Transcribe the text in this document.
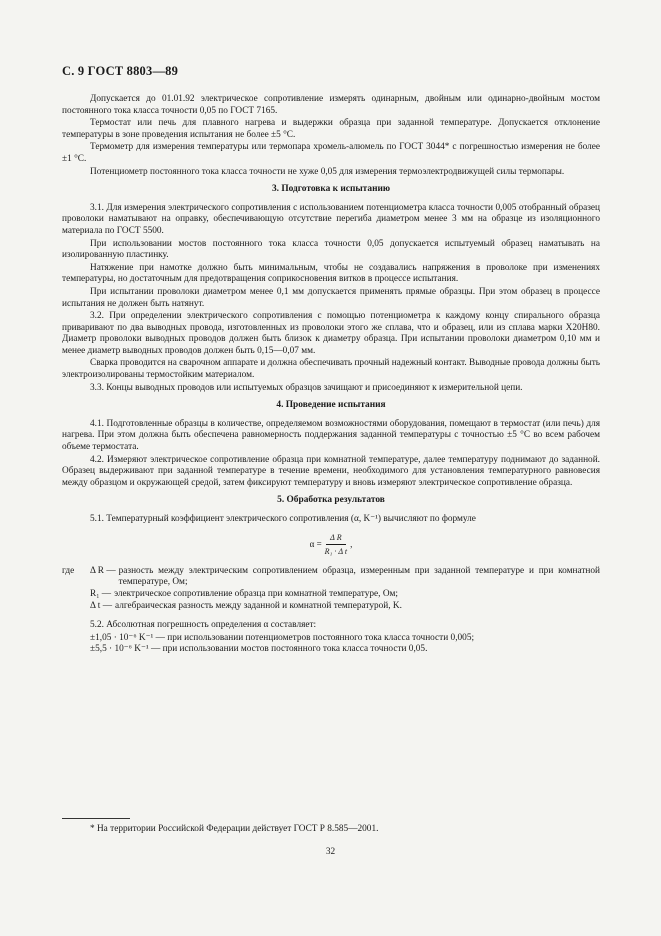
С. 9 ГОСТ 8803—89

Допускается до 01.01.92 электрическое сопротивление измерять одинарным, двойным или одинарно-двойным мостом постоянного тока класса точности 0,05 по ГОСТ 7165.

Термостат или печь для плавного нагрева и выдержки образца при заданной температуре. Допускается отклонение температуры в зоне проведения испытания не более ±5 °С.

Термометр для измерения температуры или термопара хромель-алюмель по ГОСТ 3044* с погрешностью измерения не более ±1 °С.

Потенциометр постоянного тока класса точности не хуже 0,05 для измерения термоэлектродвижущей силы термопары.

3. Подготовка к испытанию

3.1. Для измерения электрического сопротивления с использованием потенциометра класса точности 0,005 отобранный образец проволоки наматывают на оправку, обеспечивающую отсутствие перегиба диаметром менее 3 мм на образце из изоляционного материала по ГОСТ 5500.

При использовании мостов постоянного тока класса точности 0,05 допускается испытуемый образец наматывать на изолированную пластинку.

Натяжение при намотке должно быть минимальным, чтобы не создавались напряжения в проволоке при изменениях температуры, но достаточным для предотвращения соприкосновения витков в процессе испытания.

При испытании проволоки диаметром менее 0,1 мм допускается применять прямые образцы. При этом образец в процессе испытания не должен быть натянут.

3.2. При определении электрического сопротивления с помощью потенциометра к каждому концу спирального образца приваривают по два выводных провода, изготовленных из проволоки этого же сплава, что и образец, или из сплава марки Х20Н80. Диаметр проволоки выводных проводов должен быть близок к диаметру образца. При испытании проволоки диаметром 0,10 мм и менее диаметр выводных проводов должен быть 0,15—0,07 мм.

Сварка проводится на сварочном аппарате и должна обеспечивать прочный надежный контакт. Выводные провода должны быть электроизолированы термостойким материалом.

3.3. Концы выводных проводов или испытуемых образцов зачищают и присоединяют к измерительной цепи.

4. Проведение испытания

4.1. Подготовленные образцы в количестве, определяемом возможностями оборудования, помещают в термостат (или печь) для нагрева. При этом должна быть обеспечена равномерность поддержания заданной температуры с точностью ±5 °С во всем рабочем объеме термостата.

4.2. Измеряют электрическое сопротивление образца при комнатной температуре, далее температуру поднимают до заданной. Образец выдерживают при заданной температуре в течение времени, необходимого для установления температурного равновесия между образцом и окружающей средой, затем фиксируют температуру и вновь измеряют электрическое сопротивление образца.

5. Обработка результатов

5.1. Температурный коэффициент электрического сопротивления (α, K⁻¹) вычисляют по формуле

$\alpha = \frac{\text{Δ R}}{\text{R₁ · Δ t}}$ ,
где	Δ R — разность между электрическим сопротивлением образца, измеренным при заданной температуре и при комнатной температуре, Ом;
R₁ — электрическое сопротивление образца при комнатной температуре, Ом;
Δ t — алгебраическая разность между заданной и комнатной температурой, K.

5.2. Абсолютная погрешность определения α составляет:

±1,05 · 10⁻⁶ K⁻¹ — при использовании потенциометров постоянного тока класса точности 0,005;

±5,5 · 10⁻⁶ K⁻¹ — при использовании мостов постоянного тока класса точности 0,05.

* На территории Российской Федерации действует ГОСТ Р 8.585—2001.
32
